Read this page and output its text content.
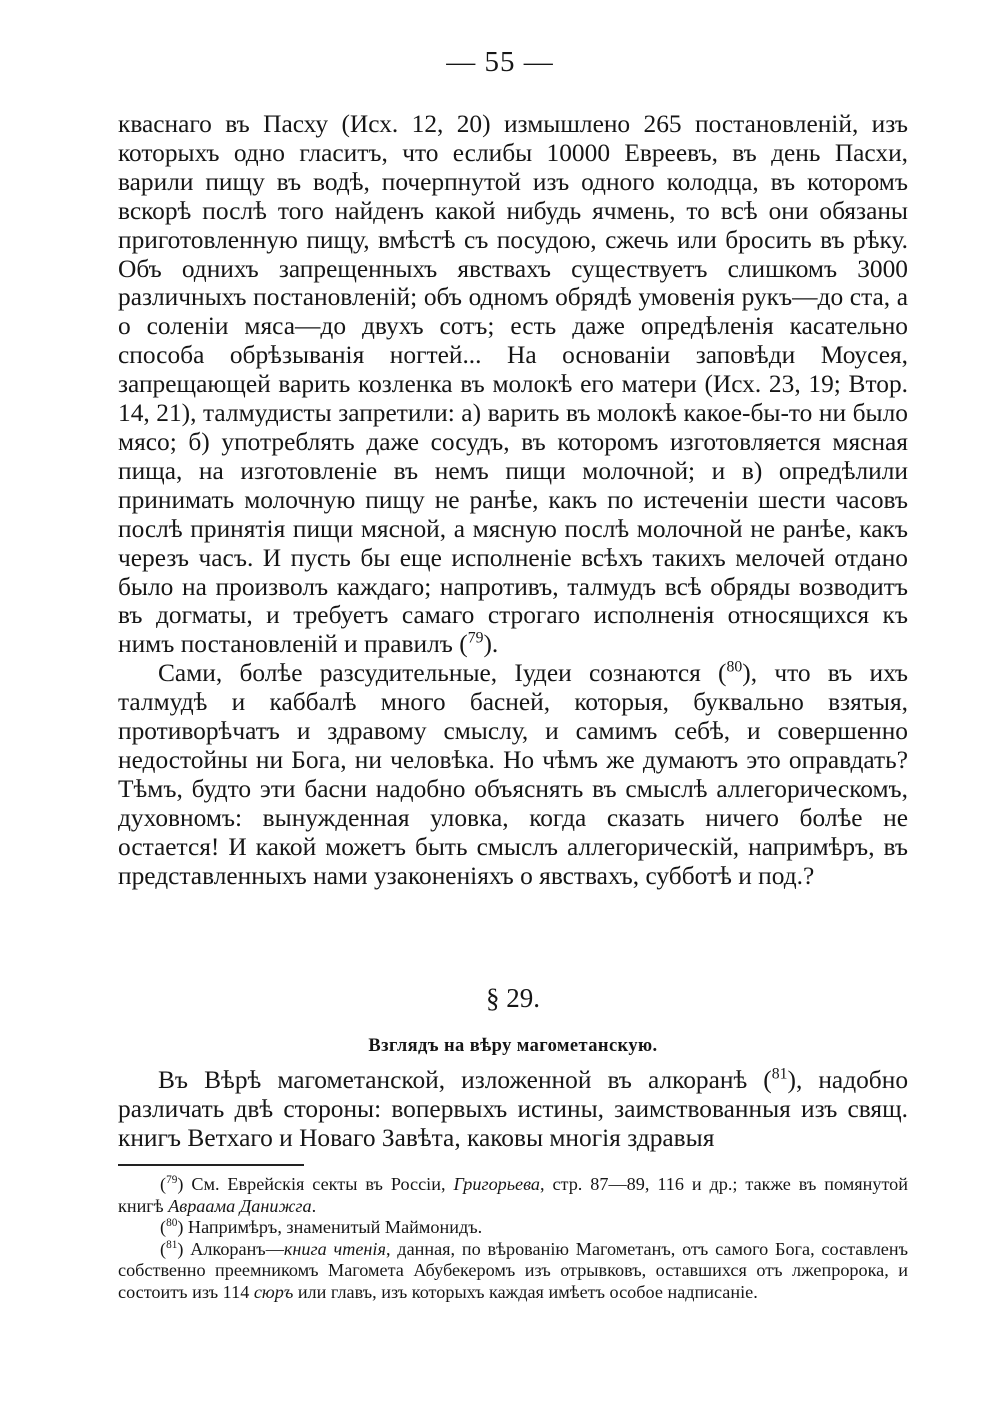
— 55 —

кваснаго въ Пасху (Исх. 12, 20) измышлено 265 постановленій, изъ которыхъ одно гласитъ, что еслибы 10000 Евреевъ, въ день Пасхи, варили пищу въ водѣ, почерпнутой изъ одного колодца, въ которомъ вскорѣ послѣ того найденъ какой нибудь ячмень, то всѣ они обязаны приготовленную пищу, вмѣстѣ съ посудою, сжечь или бросить въ рѣку. Объ однихъ запрещенныхъ явствахъ существуетъ слишкомъ 3000 различныхъ постановленій; объ одномъ обрядѣ умовенія рукъ—до ста, а о соленіи мяса—до двухъ сотъ; есть даже опредѣленія касательно способа обрѣзыванія ногтей... На основаніи заповѣди Моусея, запрещающей варить козленка въ молокѣ его матери (Исх. 23, 19; Втор. 14, 21), талмудисты запретили: а) варить въ молокѣ какое-бы-то ни было мясо; б) употреблять даже сосудъ, въ которомъ изготовляется мясная пища, на изготовленіе въ немъ пищи молочной; и в) опредѣлили принимать молочную пищу не ранѣе, какъ по истеченіи шести часовъ послѣ принятія пищи мясной, а мясную послѣ молочной не ранѣе, какъ черезъ часъ. И пусть бы еще исполненіе всѣхъ такихъ мелочей отдано было на произволъ каждаго; напротивъ, талмудъ всѣ обряды возводитъ въ догматы, и требуетъ самаго строгаго исполненія относящихся къ нимъ постановленій и правилъ ($^{79}$).

Сами, болѣе разсудительные, Іудеи сознаются ($^{80}$), что въ ихъ талмудѣ и каббалѣ много басней, которыя, буквально взятыя, противорѣчатъ и здравому смыслу, и самимъ себѣ, и совершенно недостойны ни Бога, ни человѣка. Но чѣмъ же думаютъ это оправдать? Тѣмъ, будто эти басни надобно объяснять въ смыслѣ аллегорическомъ, духовномъ: вынужденная уловка, когда сказать ничего болѣе не остается! И какой можетъ быть смыслъ аллегорическій, напримѣръ, въ представленныхъ нами узаконеніяхъ о явствахъ, субботѣ и под.?

§ 29.
Взглядъ на вѣру магометанскую.

Въ Вѣрѣ магометанской, изложенной въ алкоранѣ ($^{81}$), надобно различать двѣ стороны: вопервыхъ истины, заимствованныя изъ свящ. книгъ Ветхаго и Новаго Завѣта, каковы многія здравыя

($^{79}$) См. Еврейскія секты въ Россіи, Григорьева, стр. 87—89, 116 и др.; также въ помянутой книгѣ Авраама Данижга.

($^{80}$) Напримѣръ, знаменитый Маймонидъ.

($^{81}$) Алкоранъ—книга чтенія, данная, по вѣрованію Магометанъ, отъ самого Бога, составленъ собственно преемникомъ Магомета Абубекеромъ изъ отрывковъ, оставшихся отъ лжепророка, и состоитъ изъ 114 сюръ или главъ, изъ которыхъ каждая имѣетъ особое надписаніе.
